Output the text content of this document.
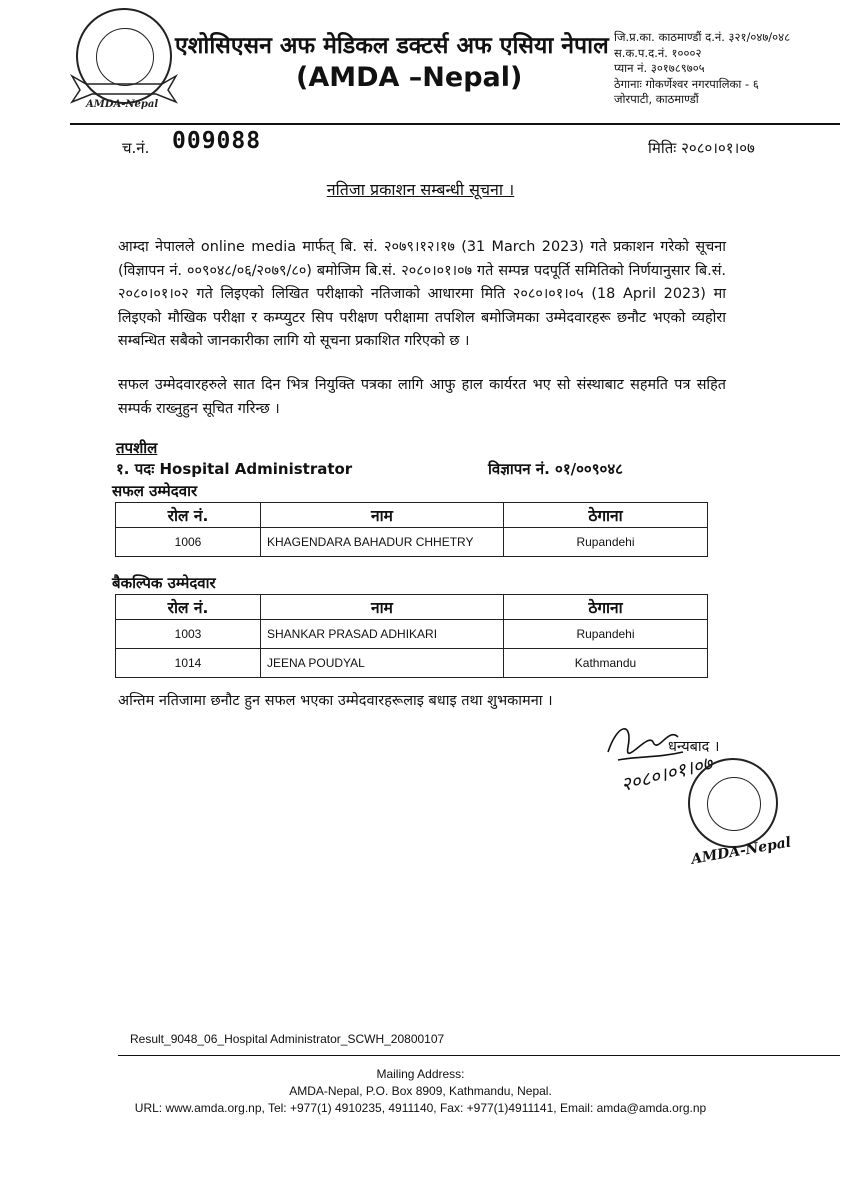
AMDA-Nepal
एशोसिएसन अफ मेडिकल डक्टर्स अफ एसिया नेपाल
(AMDA –Nepal)
जि.प्र.का. काठमाण्डौं द.नं. ३२१/०४७/०४८
स.क.प.द.नं. १०००२
प्यान नं. ३०१७८९७०५
ठेगानाः गोकर्णेश्वर नगरपालिका - ६
जोरपाटी, काठमाण्डौं
च.नं. 009088	मितिः २०८०।०१।०७
नतिजा प्रकाशन सम्बन्धी सूचना ।
आम्दा नेपालले online media मार्फत् बि. सं. २०७९।१२।१७ (31 March 2023) गते प्रकाशन गरेको सूचना (विज्ञापन नं. ००९०४८/०६/२०७९/८०) बमोजिम बि.सं. २०८०।०१।०७ गते सम्पन्न पदपूर्ति समितिको निर्णयानुसार बि.सं. २०८०।०१।०२ गते लिइएको लिखित परीक्षाको नतिजाको आधारमा मिति २०८०।०१।०५ (18 April 2023) मा लिइएको मौखिक परीक्षा र कम्प्युटर सिप परीक्षण परीक्षामा तपशिल बमोजिमका उम्मेदवारहरू छनौट भएको व्यहोरा सम्बन्धित सबैको जानकारीका लागि यो सूचना प्रकाशित गरिएको छ ।
सफल उम्मेदवारहरुले सात दिन भित्र नियुक्ति पत्रका लागि आफु हाल कार्यरत भए सो संस्थाबाट सहमति पत्र सहित सम्पर्क राख्नुहुन सूचित गरिन्छ ।
तपशील
१. पदः Hospital Administrator	विज्ञापन नं. ०१/००९०४८
सफल उम्मेदवार
रोल नं.	नाम	ठेगाना
1006	KHAGENDARA BAHADUR CHHETRY	Rupandehi
बैकल्पिक उम्मेदवार
रोल नं.	नाम	ठेगाना
1003	SHANKAR PRASAD ADHIKARI	Rupandehi
1014	JEENA POUDYAL	Kathmandu
अन्तिम नतिजामा छनौट हुन सफल भएका उम्मेदवारहरूलाइ बधाइ तथा शुभकामना ।
धन्यबाद ।
२०८०।०१।०७
AMDA-Nepal
Result_9048_06_Hospital Administrator_SCWH_20800107
Mailing Address:
AMDA-Nepal, P.O. Box 8909, Kathmandu, Nepal.
URL: www.amda.org.np, Tel: +977(1) 4910235, 4911140, Fax: +977(1)4911141, Email: amda@amda.org.np
